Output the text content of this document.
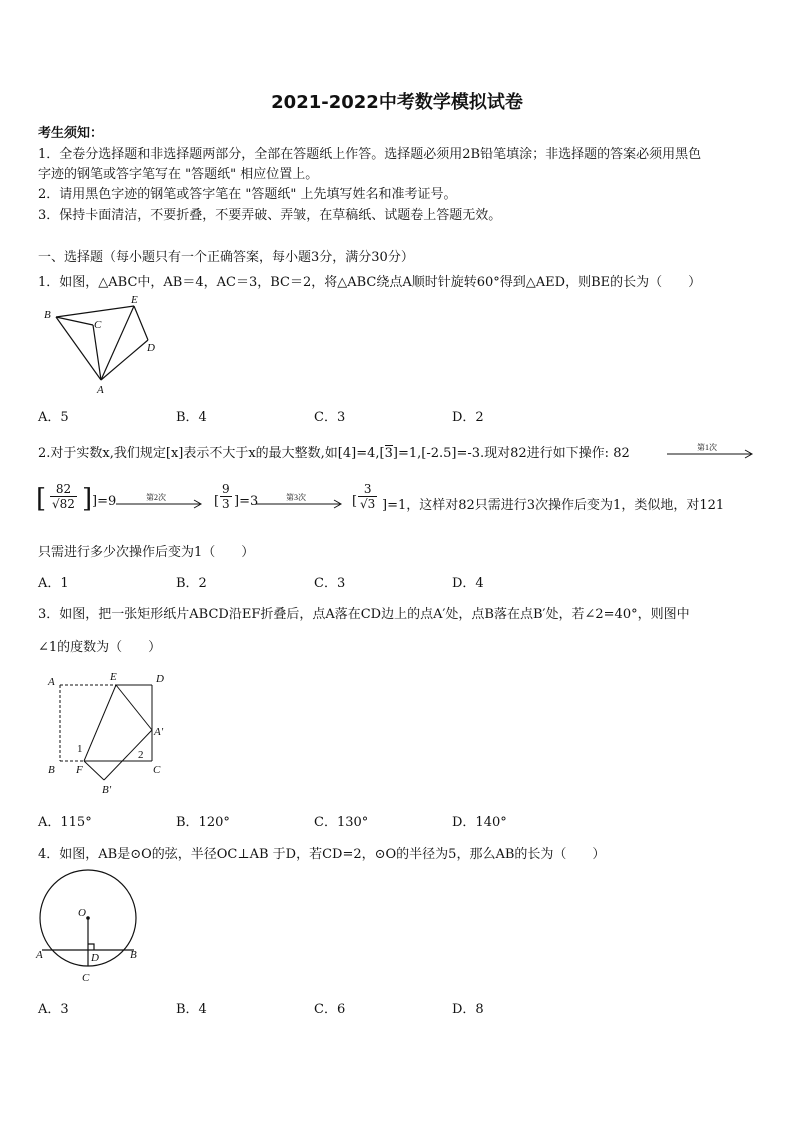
2021-2022中考数学模拟试卷
考生须知：
1．全卷分选择题和非选择题两部分，全部在答题纸上作答。选择题必须用2B铅笔填涂；非选择题的答案必须用黑色
字迹的钢笔或答字笔写在 "答题纸" 相应位置上。
2．请用黑色字迹的钢笔或答字笔在 "答题纸" 上先填写姓名和准考证号。
3．保持卡面清洁，不要折叠，不要弄破、弄皱，在草稿纸、试题卷上答题无效。
一、选择题（每小题只有一个正确答案，每小题3分，满分30分）
1．如图，△ABC中，AB＝4，AC＝3，BC＝2，将△ABC绕点A顺时针旋转60°得到△AED，则BE的长为（　　）
B
C
E
D
A
A．5	B．4	C．3	D．2
2.对于实数x,我们规定[x]表示不大于x的最大整数,如[4]=4,[3]=1,[-2.5]=-3.现对82进行如下操作: 82	第1次
[ $\frac{82}{√82}$ ] ]=9	第2次	[ $\frac{9}{3} ]=3$	第3次	[ $\frac{3}{√3} ]=1$，这样对82只需进行3次操作后变为1，类似地，对121
只需进行多少次操作后变为1（　　）
A．1	B．2	C．3	D．4
3．如图，把一张矩形纸片ABCD沿EF折叠后，点A落在CD边上的点A′处，点B落在点B′处，若∠2=40°，则图中
∠1的度数为（　　）
A	E	D
A'
1	2
B F	C
B'
A．115°	B．120°	C．130°	D．140°
4．如图，AB是⊙O的弦，半径OC⊥AB 于D，若CD=2，⊙O的半径为5，那么AB的长为（　　）
O
A	B
D
C
A．3	B．4	C．6	D．8
